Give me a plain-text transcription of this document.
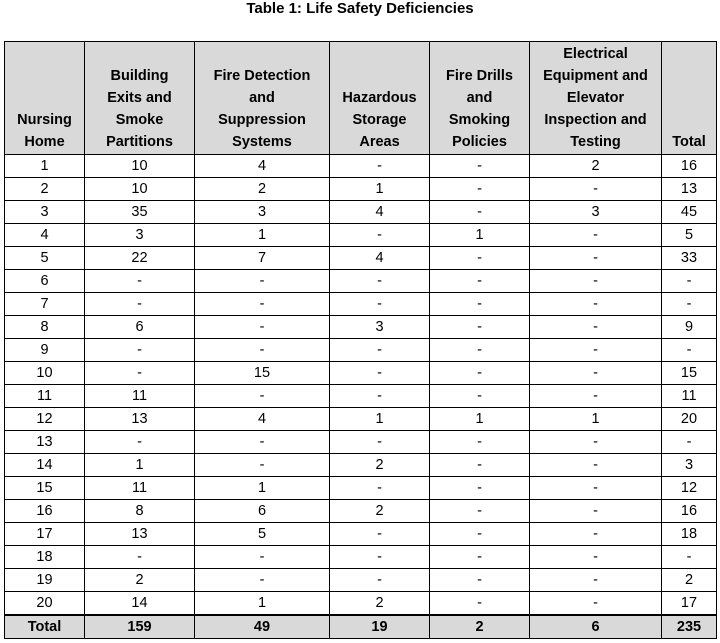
Table 1: Life Safety Deficiencies
Nursing
Home	Building
Exits and
Smoke
Partitions	Fire Detection
and
Suppression
Systems	Hazardous
Storage
Areas	Fire Drills
and
Smoking
Policies	Electrical
Equipment and
Elevator
Inspection and
Testing	Total

1	10	4	-	-	2	16
2	10	2	1	-	-	13
3	35	3	4	-	3	45
4	3	1	-	1	-	5
5	22	7	4	-	-	33
6	-	-	-	-	-	-
7	-	-	-	-	-	-
8	6	-	3	-	-	9
9	-	-	-	-	-	-
10	-	15	-	-	-	15
11	11	-	-	-	-	11
12	13	4	1	1	1	20
13	-	-	-	-	-	-
14	1	-	2	-	-	3
15	11	1	-	-	-	12
16	8	6	2	-	-	16
17	13	5	-	-	-	18
18	-	-	-	-	-	-
19	2	-	-	-	-	2
20	14	1	2	-	-	17
Total	159	49	19	2	6	235
